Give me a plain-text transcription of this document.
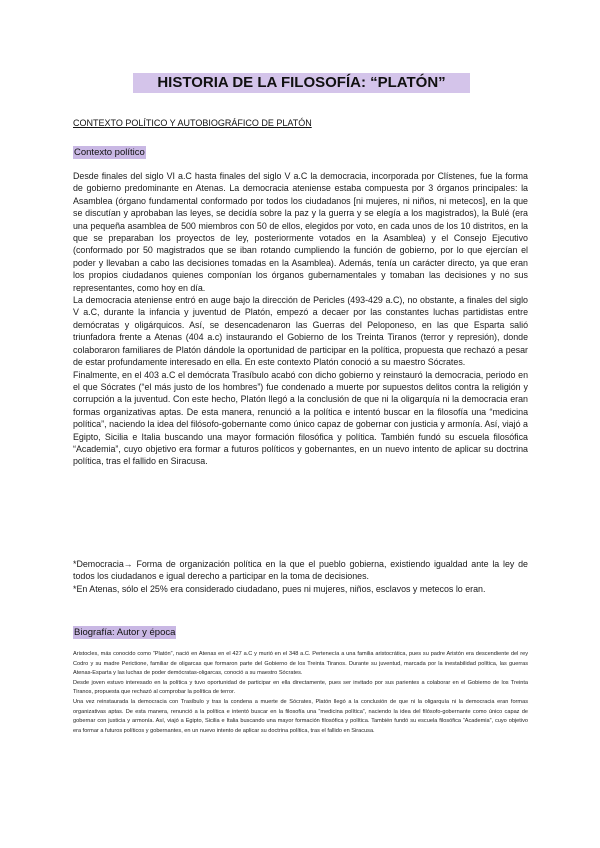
HISTORIA DE LA FILOSOFÍA: “PLATÓN”
CONTEXTO POLÍTICO Y AUTOBIOGRÁFICO DE PLATÓN
Contexto político

Desde finales del siglo VI a.C hasta finales del siglo V a.C la democracia, incorporada por Clístenes, fue la forma de gobierno predominante en Atenas. La democracia ateniense estaba compuesta por 3 órganos principales: la Asamblea (órgano fundamental conformado por todos los ciudadanos [ni mujeres, ni niños, ni metecos], en la que se discutían y aprobaban las leyes, se decidía sobre la paz y la guerra y se elegía a los magistrados), la Bulé (era una pequeña asamblea de 500 miembros con 50 de ellos, elegidos por voto, en cada unos de los 10 distritos, en la que se preparaban los proyectos de ley, posteriormente votados en la Asamblea) y el Consejo Ejecutivo (conformado por 50 magistrados que se iban rotando cumpliendo la función de gobierno, por lo que ejercían el poder y llevaban a cabo las decisiones tomadas en la Asamblea). Además, tenía un carácter directo, ya que eran los propios ciudadanos quienes componían los órganos gubernamentales y tomaban las decisiones y no sus representantes, como hoy en día.

La democracia ateniense entró en auge bajo la dirección de Pericles (493-429 a.C), no obstante, a finales del siglo V a.C, durante la infancia y juventud de Platón, empezó a decaer por las constantes luchas partidistas entre demócratas y oligárquicos. Así, se desencadenaron las Guerras del Peloponeso, en las que Esparta salió triunfadora frente a Atenas (404 a.c) instaurando el Gobierno de los Treinta Tiranos (terror y represión), donde colaboraron familiares de Platón dándole la oportunidad de participar en la política, propuesta que rechazó a pesar de estar profundamente interesado en ella. En este contexto Platón conoció a su maestro Sócrates.

Finalmente, en el 403 a.C el demócrata Trasíbulo acabó con dicho gobierno y reinstauró la democracia, periodo en el que Sócrates (“el más justo de los hombres”) fue condenado a muerte por supuestos delitos contra la religión y corrupción a la juventud. Con este hecho, Platón llegó a la conclusión de que ni la oligarquía ni la democracia eran formas organizativas aptas. De esta manera, renunció a la política e intentó buscar en la filosofía una “medicina política”, naciendo la idea del filósofo-gobernante como único capaz de gobernar con justicia y armonía. Así, viajó a Egipto, Sicilia e Italia buscando una mayor formación filosófica y política. También fundó su escuela filosófica “Academia”, cuyo objetivo era formar a futuros políticos y gobernantes, en un nuevo intento de aplicar su doctrina política, tras el fallido en Siracusa.

*Democracia→ Forma de organización política en la que el pueblo gobierna, existiendo igualdad ante la ley de todos los ciudadanos e igual derecho a participar en la toma de decisiones.

*En Atenas, sólo el 25% era considerado ciudadano, pues ni mujeres, niños, esclavos y metecos lo eran.

Biografía: Autor y época

Aristocles, más conocido como “Platón”, nació en Atenas en el 427 a.C y murió en el 348 a.C. Pertenecía a una familia aristocrática, pues su padre Aristón era descendiente del rey Codro y su madre Perictione, familiar de oligarcas que formaron parte del Gobierno de los Treinta Tiranos. Durante su juventud, marcada por la inestabilidad política, las guerras Atenas-Esparta y las luchas de poder demócratas-oligarcas, conoció a su maestro Sócrates.

Desde joven estuvo interesado en la política y tuvo oportunidad de participar en ella directamente, pues ser invitado por sus parientes a colaborar en el Gobierno de los Treinta Tiranos, propuesta que rechazó al comprobar la política de terror.

Una vez reinstaurada la democracia con Trasíbulo y tras la condena a muerte de Sócrates, Platón llegó a la conclusión de que ni la oligarquía ni la democracia eran formas organizativas aptas. De esta manera, renunció a la política e intentó buscar en la filosofía una “medicina política”, naciendo la idea del filósofo-gobernante como único capaz de gobernar con justicia y armonía. Así, viajó a Egipto, Sicilia e Italia buscando una mayor formación filosófica y política. También fundó su escuela filosófica “Academia”, cuyo objetivo era formar a futuros políticos y gobernantes, en un nuevo intento de aplicar su doctrina política, tras el fallido en Siracusa.
